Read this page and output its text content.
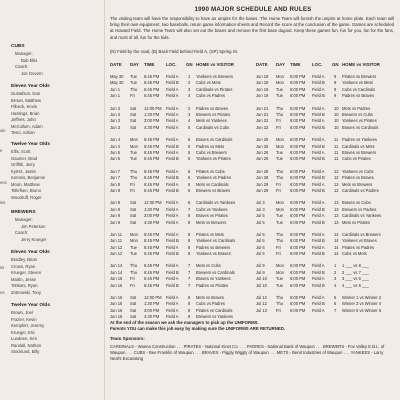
ule
e
ees
ins
ss
es
CUBS
Manager:
Bob Ellis
Coach:
Joe Govern
Eleven Year Olds
Gustafson, Dan
Brown, Matthew
Filbeck, Kevin
Hastings, Brian
Jeffries, John
McCollum, Adam
Tesci, Adrian
Twelve Year Olds
Ellis, Scott
Gaumer, Brad
Griffith, Jerry
Kyrtsz, Justin
Koronis, Benjamin
Moon, Matthew
Tellefsen, Bruno
Woodruff, Roger
BREWERS
Manager:
Jim Peterson
Coach:
Jerry Krueger
Eleven Year Olds
Bradley, Brian
Crown, Ryan
Krueger, Steven
Martin, Jesse
Tottsoni, Ryan
Zotnowski, Tony
Twelve Year Olds
Brown, Joel
Frazier, Kevin
Kempfert, Jeremy
Krueger, Eric
Lundeen, Ken
Randall, Nathan
Stocklund, Billy
1990 MAJOR SCHEDULE AND RULES
The visiting team will have the responsibility to have an umpire for the bases. The Home Team will furnish the umpire at home plate. Each team will bring their own equipment, two baseballs, return game information sheets and Record the score at the conclusion of the game. Games are scheduled at Howard Field. The Home Team will also set out the bases and remove the first base dugout. Keep these games fun, fun for you, fun for the fans, and most of all, fun for the kids.
(N) Field by the road, (B) Back Field behind Field A, (SP) Spring St.
DATE DAY TIME	LOC. GN HOME vs VISITOR	DATE DAY TIME	LOC. GN HOME vs VISITOR
May 30 Tue 6:45 PM Field A 1 Yankees vs Brewers	Jun 18 Mon 6:00 PM Field A 9 Pirates vs Brewers
May 30 Tue 6:45 PM Field B 2 Cubs vs Mets	Jun 18 Mon 6:00 PM Field B 8 Yankees vs Mets
Jun 1 Thu 6:45 PM Field A 3 Cardinals vs Pirates	Jun 19 Tue 6:00 PM Field A 9 Cubs vs Cardinals
Jun 1 Fri 6:45 PM Field A 4 Cubs vs Padres	Jun 19 Tue 6:00 PM Field B 9 Padres vs Braves
Jun 3 Sat 12:00 PM Field A 2 Padres vs Braves	Jun 21 Thu 6:00 PM Field A 10 Mets vs Padres
Jun 3 Sat 1:30 PM Field A 3 Brewers vs Pirates	Jun 21 Thu 6:00 PM Field B 10 Brewers vs Cubs
Jun 3 Sat 3:00 PM Field A 4 Mets vs Yankees	Jun 22 Fri 6:00 PM Field A 10 Yankees vs Pirates
Jun 3 Sat 4:30 PM Field A 5 Cardinals vs Cubs	Jun 22 Fri 6:00 PM Field B 10 Braves vs Cardinals
Jun 4 Mon 6:45 PM Field A 5 Braves vs Cardinals	Jun 25 Mon 6:00 PM Field A 11 Padres vs Yankees
Jun 4 Mon 6:45 PM Field B 5 Padres vs Mets	Jun 25 Mon 6:00 PM Field B 11 Cardinals vs Mets
Jun 5 Tue 6:45 PM Field A 5 Cubs vs Brewers	Jun 26 Tue 6:00 PM Field A 11 Braves vs Brewers
Jun 5 Tue 6:45 PM Field B 5 Yankees vs Pirates	Jun 26 Tue 6:00 PM Field B 11 Cubs vs Pirates
Jun 7 Thu 6:45 PM Field A 6 Pirates vs Cubs	Jun 28 Thu 6:00 PM Field A 12 Yankees vs Cubs
Jun 7 Thu 6:45 PM Field B 6 Yankees vs Padres	Jun 28 Thu 6:00 PM Field B 12 Pirates vs Braves
Jun 8 Fri 6:45 PM Field A 6 Mets vs Cardinals	Jun 29 Fri 6:00 PM Field A 12 Mets vs Brewers
Jun 8 Fri 6:45 PM Field B 6 Brewers vs Braves	Jun 29 Fri 6:00 PM Field B 12 Cardinals vs Padres
Jun 9 Sat 12:00 PM Field A 6 Cardinals vs Yankees	Jul 3	Mon 6:00 PM Field A 13 Braves vs Cubs
Jun 9 Sat 1:30 PM Field A 7 Cubs vs Yankees	Jul 3	Mon 6:00 PM Field B 13 Brewers vs Padres
Jun 9 Sat 3:00 PM Field A 8 Braves vs Pirates	Jul 5	Tue 6:00 PM Field A 13 Cardinals vs Yankees
Jun 9 Sat 4:30 PM Field A 8 Mets vs Brewers	Jul 5	Tue 6:00 PM Field B 13 Mets vs Pirates
Jun 11 Mon 6:45 PM Field A 8 Pirates vs Mets	Jul 5	Thu 6:00 PM Field A 14 Cardinals vs Brewers
Jun 11 Mon 6:45 PM Field B 8 Yankees vs Cardinals	Jul 5	Thu 6:00 PM Field B 14 Yankees vs Braves
Jun 12 Tue 6:45 PM Field A 8 Padres vs Brewers	Jul 6	Fri 6:00 PM Field A 14 Pirates vs Padres
Jun 12 Tue 6:45 PM Field B 8 Yankees vs Braves	Jul 6	Fri 6:00 PM Field B 14 Cubs vs Mets
Jun 14 Thu 6:45 PM Field A 7 Mets vs Cubs	Jul 9	Mon 6:00 PM Field A 1 1 ___ vs 8 ___
Jun 14 Thu 6:45 PM Field B 7 Brewers vs Cardinals	Jul 9	Mon 6:00 PM Field B 2 2 ___ vs 7 ___
Jun 15 Fri 6:45 PM Field A 7 Braves vs Yankees	Jul 10 Tue 6:00 PM Field A 3 3 ___ vs 6 ___
Jun 15 Fri 6:45 PM Field B 7 Padres vs Pirates	Jul 10 Tue 6:00 PM Field B 4 4 ___ vs 5 ___
Jun 16 Sat 12:00 PM Field A 8 Mets vs Braves	Jul 12 Thu 6:00 PM Field A 5 Winner 1 vs Winner 2
Jun 16 Sat 1:30 PM Field A 8 Cubs vs Padres	Jul 12 Thu 6:00 PM Field B 6 Winner 3 vs Winner 4
Jun 16 Sat 3:00 PM Field A 8 Pirates vs Cardinals	Jul 13 Fri 6:00 PM Field A 7 Winner 5 vs Winner 6
Jun 16 Sat 4:30 PM Field A 8 Brewers vs Yankees
At the end of the season we ask the managers to pick up the UNIFORMS.
Parents YOU can make this job easy by making sure the UNIFORMS ARE RETURNED.
Team Sponsors:
CARDINALS - Waena Construction . . . PIRATES - National Kinet Co. . . . PADRES - National Bank of Waupun . . . BREWERS - Fox Valley E.B.L. of Waupun . . . CUBS - Bee Franklin of Waupun . . . BRAVES - Piggly Wiggly of Waupun . . . METS - Bend Industries of Waupun . . . YANKEES - Larry Neal's Excavating
